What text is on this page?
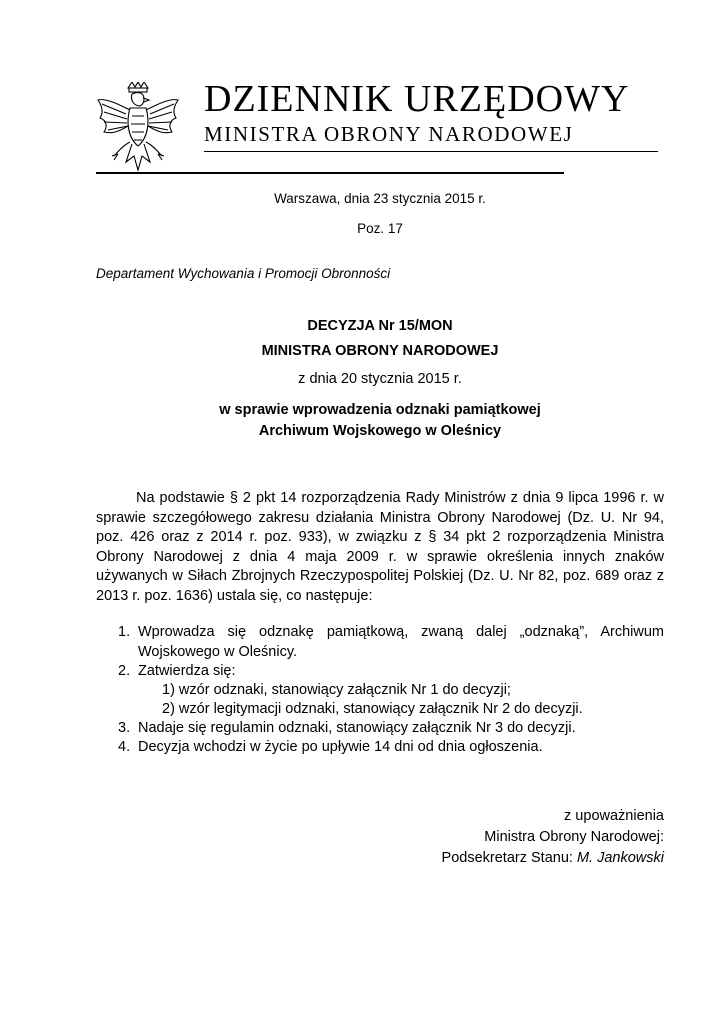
DZIENNIK URZĘDOWY
MINISTRA OBRONY NARODOWEJ
Warszawa, dnia 23 stycznia 2015 r.
Poz. 17
Departament Wychowania i Promocji Obronności
DECYZJA Nr 15/MON
MINISTRA OBRONY NARODOWEJ
z dnia 20 stycznia 2015 r.
w sprawie wprowadzenia odznaki pamiątkowej
Archiwum Wojskowego w Oleśnicy
Na podstawie § 2 pkt 14 rozporządzenia Rady Ministrów z dnia 9 lipca 1996 r. w sprawie szczegółowego zakresu działania Ministra Obrony Narodowej (Dz. U. Nr 94, poz. 426 oraz z 2014 r. poz. 933), w związku z § 34 pkt 2 rozporządzenia Ministra Obrony Narodowej z dnia 4 maja 2009 r. w sprawie określenia innych znaków używanych w Siłach Zbrojnych Rzeczypospolitej Polskiej (Dz. U. Nr 82, poz. 689 oraz z 2013 r. poz. 1636) ustala się, co następuje:
1. Wprowadza się odznakę pamiątkową, zwaną dalej „odznaką”, Archiwum
Wojskowego w Oleśnicy.
2. Zatwierdza się:
1) wzór odznaki, stanowiący załącznik Nr 1 do decyzji;
2) wzór legitymacji odznaki, stanowiący załącznik Nr 2 do decyzji.
3. Nadaje się regulamin odznaki, stanowiący załącznik Nr 3 do decyzji.
4. Decyzja wchodzi w życie po upływie 14 dni od dnia ogłoszenia.
z upoważnienia
Ministra Obrony Narodowej:
Podsekretarz Stanu: M. Jankowski
